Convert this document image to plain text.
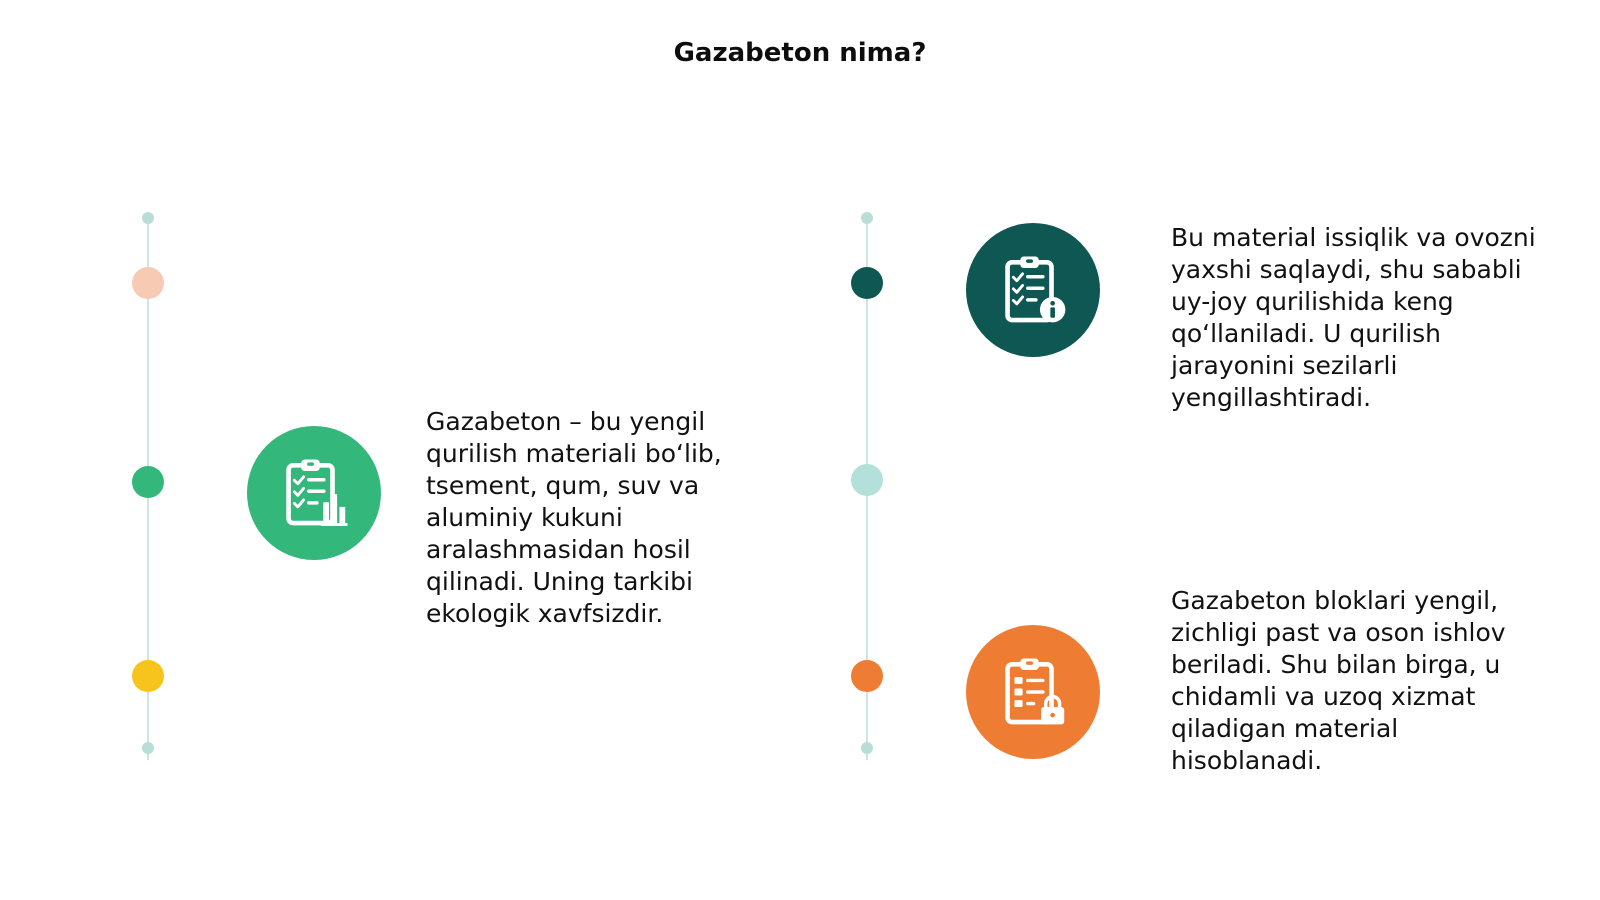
Gazabeton nima?

Gazabeton – bu yengil qurilish materiali bo‘lib, tsement, qum, suv va aluminiy kukuni aralashmasidan hosil qilinadi. Uning tarkibi ekologik xavfsizdir.

Bu material issiqlik va ovozni yaxshi saqlaydi, shu sababli uy-joy qurilishida keng qo‘llaniladi. U qurilish jarayonini sezilarli yengillashtiradi.

Gazabeton bloklari yengil, zichligi past va oson ishlov beriladi. Shu bilan birga, u chidamli va uzoq xizmat qiladigan material hisoblanadi.
